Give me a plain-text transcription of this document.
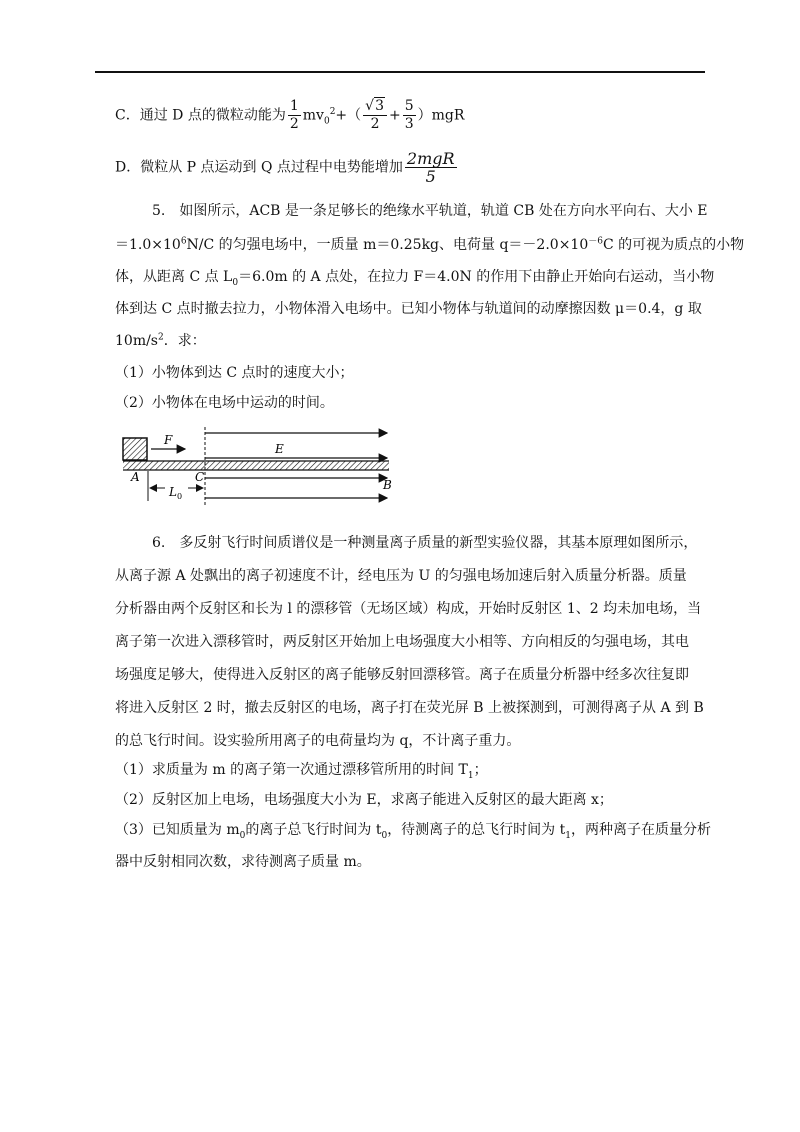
C．通过 D 点的微粒动能为 $\frac{1}{2} mv_0^2+( \frac{√3}{2} + \frac{5}{3} )mgR$
D．微粒从 P 点运动到 Q 点过程中电势能增加 $\frac{\text{2mgR}}{5}$
5.　如图所示，ACB 是一条足够长的绝缘水平轨道，轨道 CB 处在方向水平向右、大小 E
$=1.0\times 10^6N/C$ 的匀强电场中，一质量 m＝0.25kg、电荷量 $q=-2.0\times 10^{-6}C$ 的可视为质点的小物
体，从距离 C 点 $L_0=6.0m$ 的 A 点处，在拉力 F＝4.0N 的作用下由静止开始向右运动，当小物
体到达 C 点时撤去拉力，小物体滑入电场中。已知小物体与轨道间的动摩擦因数 μ＝0.4，g 取
$10m/s^2$．求：
（1）小物体到达 C 点时的速度大小；
（2）小物体在电场中运动的时间。
F
E
A	C
B
$L_0$
6.　多反射飞行时间质谱仪是一种测量离子质量的新型实验仪器，其基本原理如图所示，
从离子源 A 处飘出的离子初速度不计，经电压为 U 的匀强电场加速后射入质量分析器。质量
分析器由两个反射区和长为 l 的漂移管（无场区域）构成，开始时反射区 1、2 均未加电场，当
离子第一次进入漂移管时，两反射区开始加上电场强度大小相等、方向相反的匀强电场，其电
场强度足够大，使得进入反射区的离子能够反射回漂移管。离子在质量分析器中经多次往复即
将进入反射区 2 时，撤去反射区的电场，离子打在荧光屏 B 上被探测到，可测得离子从 A 到 B
的总飞行时间。设实验所用离子的电荷量均为 q，不计离子重力。
（1）求质量为 m 的离子第一次通过漂移管所用的时间 $T_1$；
（2）反射区加上电场，电场强度大小为 E，求离子能进入反射区的最大距离 x；
（3）已知质量为 $m_0$的离子总飞行时间为 $t_0$，待测离子的总飞行时间为 $t_1$，两种离子在质量分析
器中反射相同次数，求待测离子质量 m。
